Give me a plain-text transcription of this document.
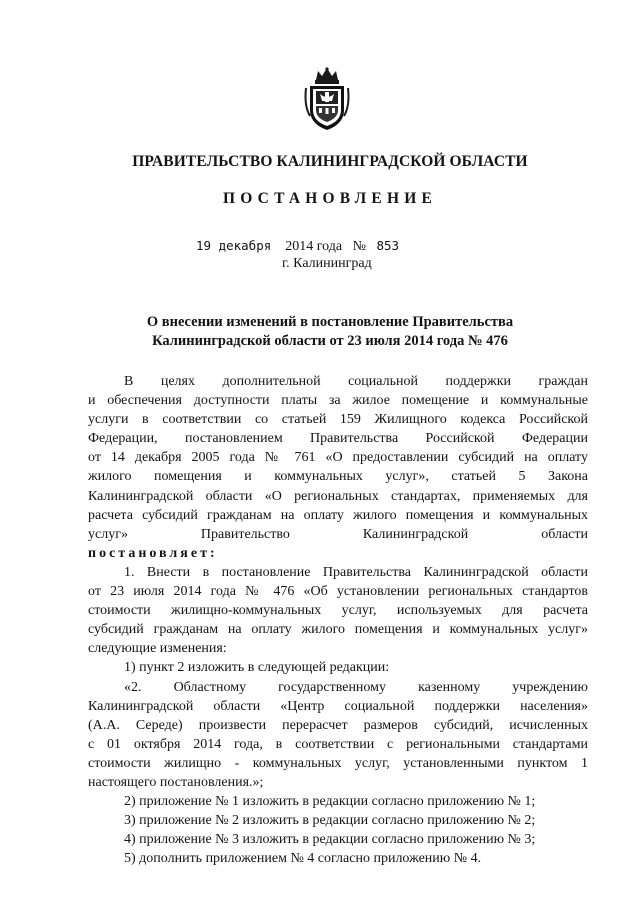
ПРАВИТЕЛЬСТВО КАЛИНИНГРАДСКОЙ ОБЛАСТИ
ПОСТАНОВЛЕНИЕ
19 декабря 2014 года № 853
г. Калининград
О внесении изменений в постановление Правительства
Калининградской области от 23 июля 2014 года № 476

В целях дополнительной социальной поддержки граждан
и обеспечения доступности платы за жилое помещение и коммунальные
услуги в соответствии со статьей 159 Жилищного кодекса Российской
Федерации, постановлением Правительства Российской Федерации
от 14 декабря 2005 года № 761 «О предоставлении субсидий на оплату
жилого помещения и коммунальных услуг», статьей 5 Закона
Калининградской области «О региональных стандартах, применяемых для
расчета субсидий гражданам на оплату жилого помещения и коммунальных
услуг» Правительство Калининградской области
постановляет:

1. Внести в постановление Правительства Калининградской области
от 23 июля 2014 года № 476 «Об установлении региональных стандартов
стоимости жилищно-коммунальных услуг, используемых для расчета
субсидий гражданам на оплату жилого помещения и коммунальных услуг»
следующие изменения:

1) пункт 2 изложить в следующей редакции:

«2. Областному государственному казенному учреждению
Калининградской области «Центр социальной поддержки населения»
(А.А. Середе) произвести перерасчет размеров субсидий, исчисленных
с 01 октября 2014 года, в соответствии с региональными стандартами
стоимости жилищно - коммунальных услуг, установленными пунктом 1
настоящего постановления.»;

2) приложение № 1 изложить в редакции согласно приложению № 1;
3) приложение № 2 изложить в редакции согласно приложению № 2;
4) приложение № 3 изложить в редакции согласно приложению № 3;
5) дополнить приложением № 4 согласно приложению № 4.
